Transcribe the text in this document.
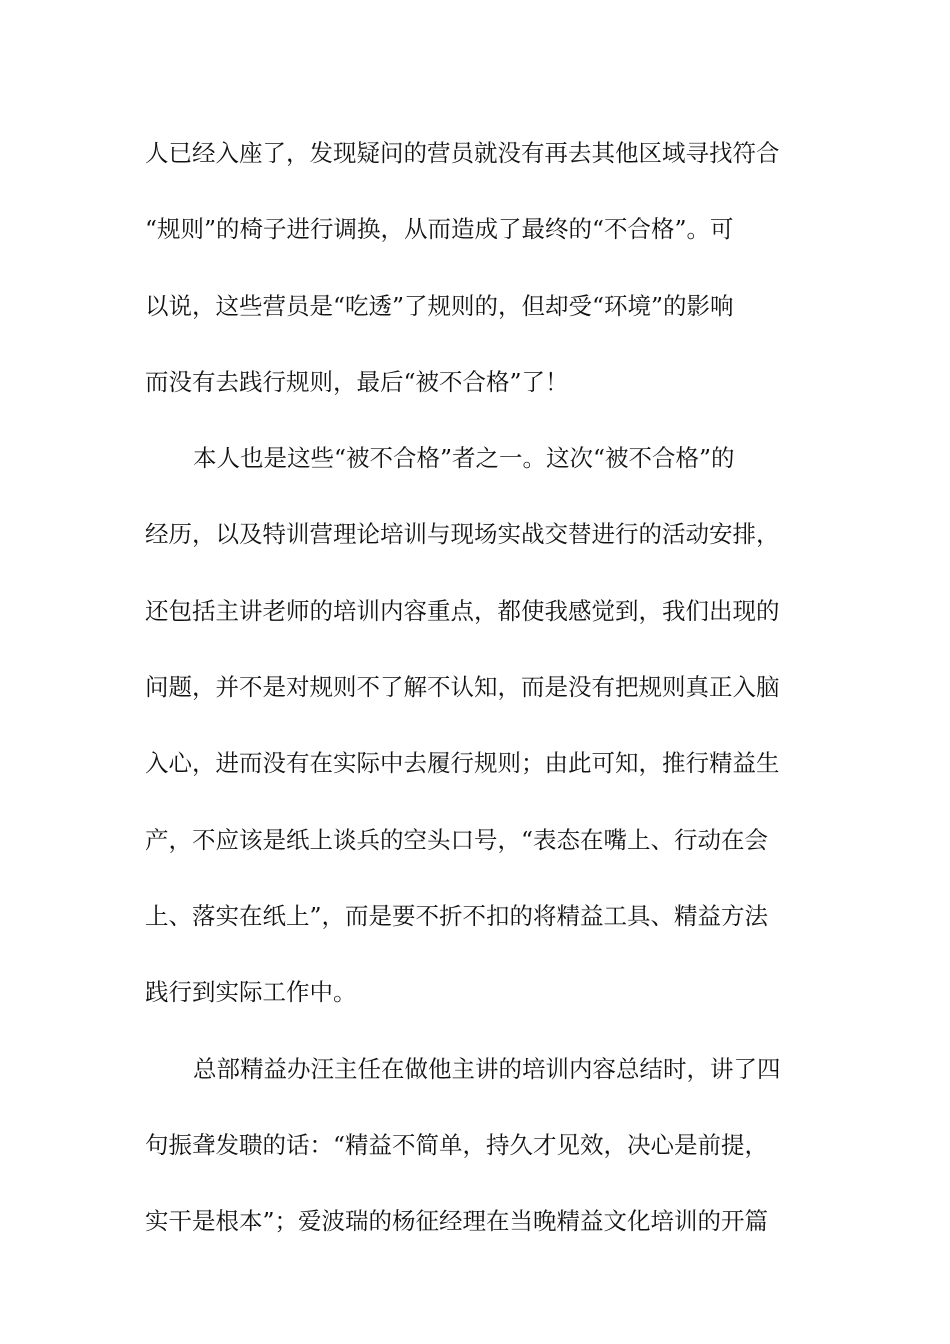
人已经入座了，发现疑问的营员就没有再去其他区域寻找符合
“规则”的椅子进行调换，从而造成了最终的“不合格”。可
以说，这些营员是“吃透”了规则的，但却受“环境”的影响
而没有去践行规则，最后“被不合格”了！
本人也是这些“被不合格”者之一。这次“被不合格”的
经历，以及特训营理论培训与现场实战交替进行的活动安排，
还包括主讲老师的培训内容重点，都使我感觉到，我们出现的
问题，并不是对规则不了解不认知，而是没有把规则真正入脑
入心，进而没有在实际中去履行规则；由此可知，推行精益生
产，不应该是纸上谈兵的空头口号，“表态在嘴上、行动在会
上、落实在纸上”，而是要不折不扣的将精益工具、精益方法
践行到实际工作中。
总部精益办汪主任在做他主讲的培训内容总结时，讲了四
句振聋发聩的话：“精益不简单，持久才见效，决心是前提，
实干是根本”；爱波瑞的杨征经理在当晚精益文化培训的开篇
